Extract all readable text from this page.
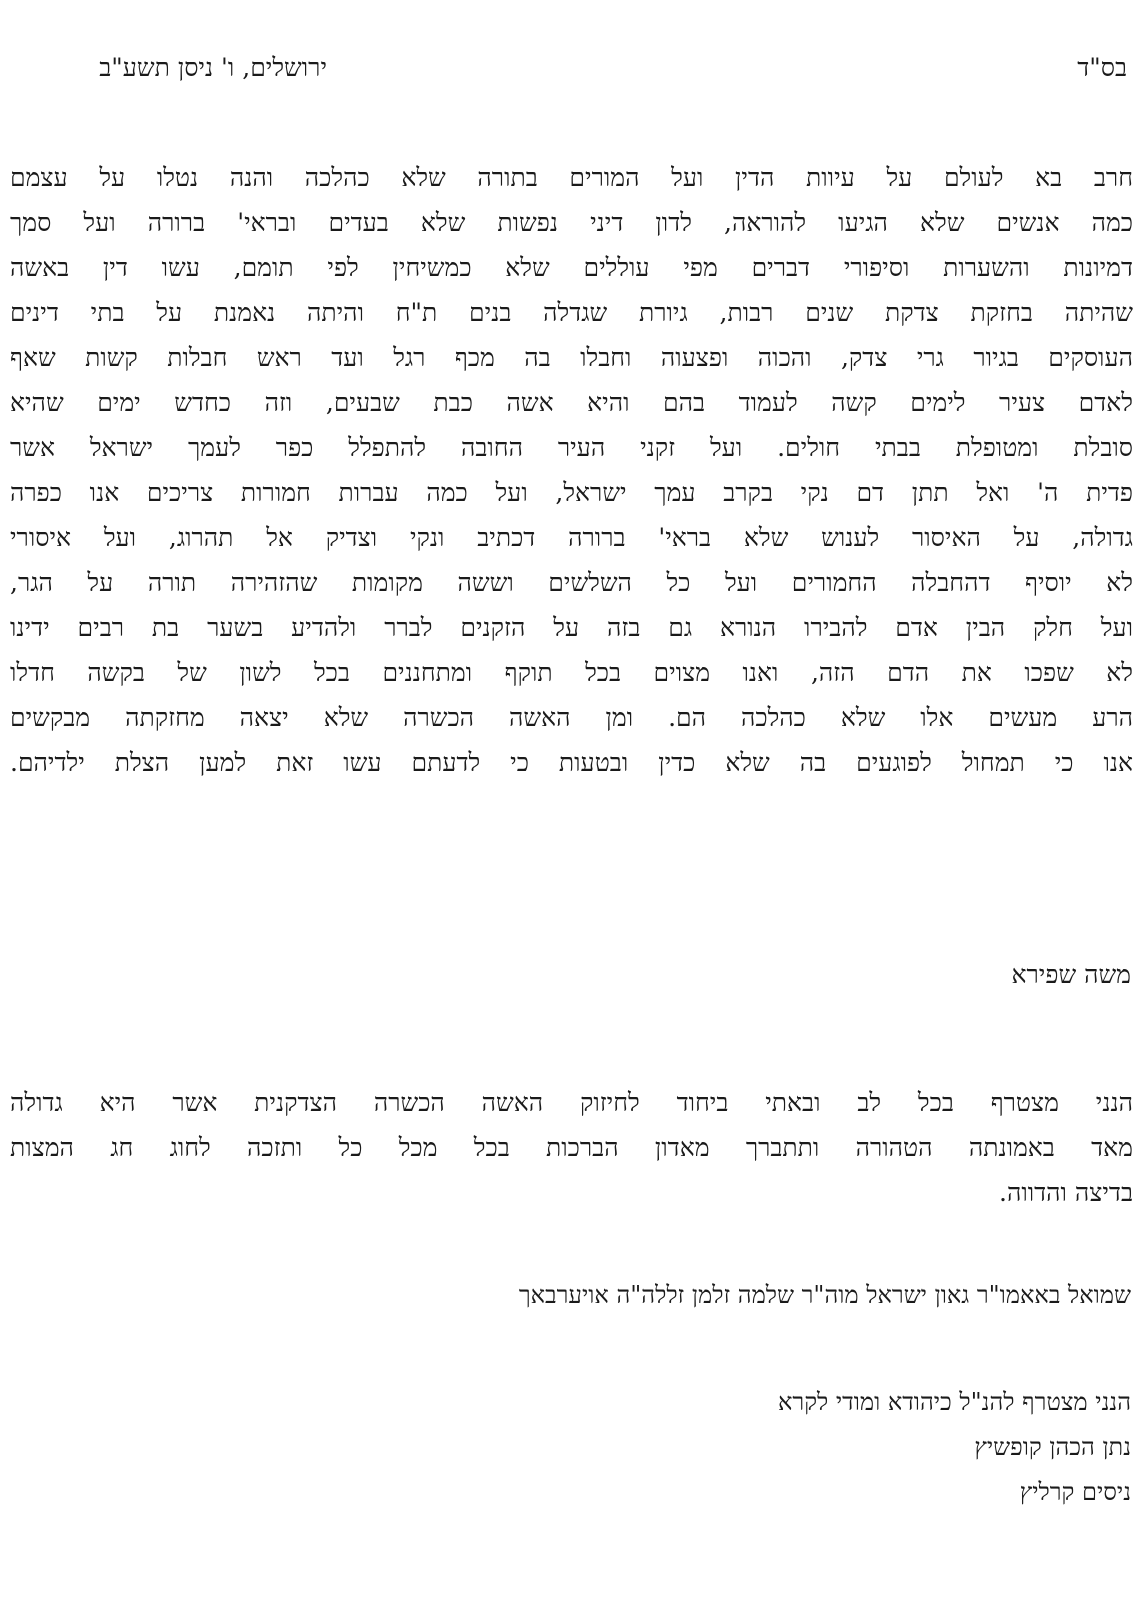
בס"ד
ירושלים, ו' ניסן תשע"ב
חרב בא לעולם על עיוות הדין ועל המורים בתורה שלא כהלכה והנה נטלו על עצמם
כמה אנשים שלא הגיעו להוראה, לדון דיני נפשות שלא בעדים ובראי' ברורה ועל סמך
דמיונות והשערות וסיפורי דברים מפי עוללים שלא כמשיחין לפי תומם, עשו דין באשה
שהיתה בחזקת צדקת שנים רבות, גיורת שגדלה בנים ת"ח והיתה נאמנת על בתי דינים
העוסקים בגיור גרי צדק, והכוה ופצעוה וחבלו בה מכף רגל ועד ראש חבלות קשות שאף
לאדם צעיר לימים קשה לעמוד בהם והיא אשה כבת שבעים, וזה כחדש ימים שהיא
סובלת ומטופלת בבתי חולים. ועל זקני העיר החובה להתפלל כפר לעמך ישראל אשר
פדית ה' ואל תתן דם נקי בקרב עמך ישראל, ועל כמה עברות חמורות צריכים אנו כפרה
גדולה, על האיסור לענוש שלא בראי' ברורה דכתיב ונקי וצדיק אל תהרוג, ועל איסורי
לא יוסיף דהחבלה החמורים ועל כל השלשים וששה מקומות שהזהירה תורה על הגר,
ועל חלק הבין אדם להבירו הנורא גם בזה על הזקנים לברר ולהדיע בשער בת רבים ידינו
לא שפכו את הדם הזה, ואנו מצוים בכל תוקף ומתחננים בכל לשון של בקשה חדלו
הרע מעשים אלו שלא כהלכה הם. ומן האשה הכשרה שלא יצאה מחזקתה מבקשים
אנו כי תמחול לפוגעים בה שלא כדין ובטעות כי לדעתם עשו זאת למען הצלת ילדיהם.
משה שפירא
הנני מצטרף בכל לב ובאתי ביחוד לחיזוק האשה הכשרה הצדקנית אשר היא גדולה
מאד באמונתה הטהורה ותתברך מאדון הברכות בכל מכל כל ותזכה לחוג חג המצות
בדיצה והדווה.
שמואל באאמו"ר גאון ישראל מוה"ר שלמה זלמן זללה"ה אויערבאך
הנני מצטרף להנ"ל כיהודא ומודי לקרא
נתן הכהן קופשיץ
ניסים קרליץ
